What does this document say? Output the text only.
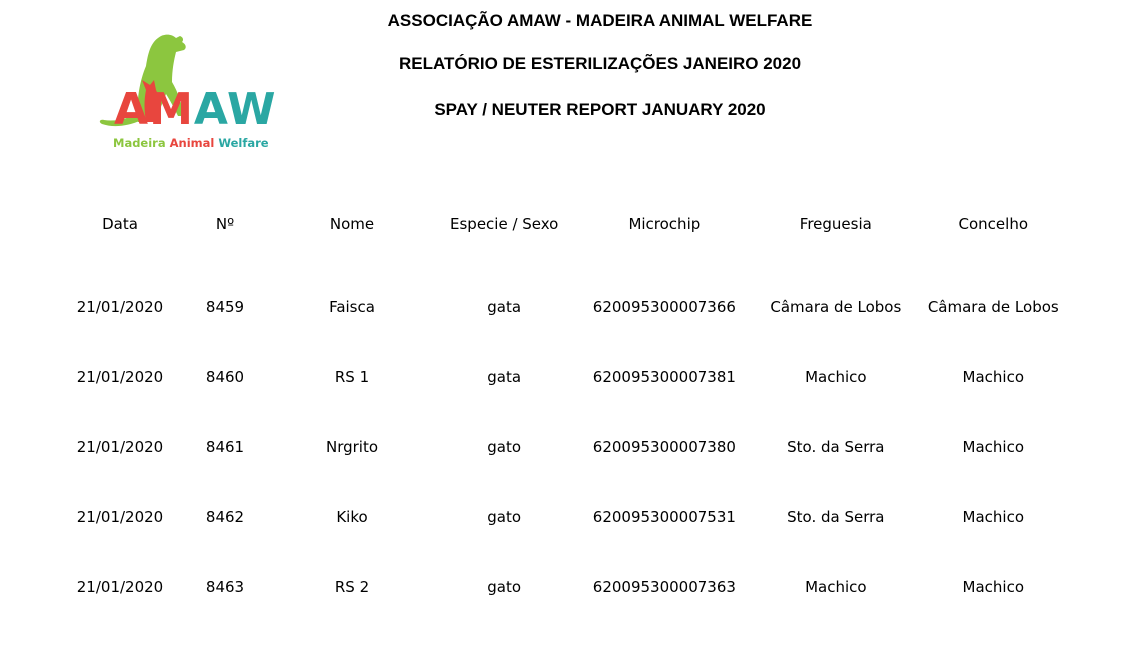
AMAW
Madeira Animal Welfare
ASSOCIAÇÃO AMAW - MADEIRA ANIMAL WELFARE
RELATÓRIO DE ESTERILIZAÇÕES JANEIRO 2020
SPAY / NEUTER REPORT JANUARY 2020
Data	Nº	Nome	Especie / Sexo	Microchip	Freguesia	Concelho

21/01/2020	8459	Faisca	gata	620095300007366	Câmara de Lobos	Câmara de Lobos
21/01/2020	8460	RS 1	gata	620095300007381	Machico	Machico
21/01/2020	8461	Nrgrito	gato	620095300007380	Sto. da Serra	Machico
21/01/2020	8462	Kiko	gato	620095300007531	Sto. da Serra	Machico
21/01/2020	8463	RS 2	gato	620095300007363	Machico	Machico
